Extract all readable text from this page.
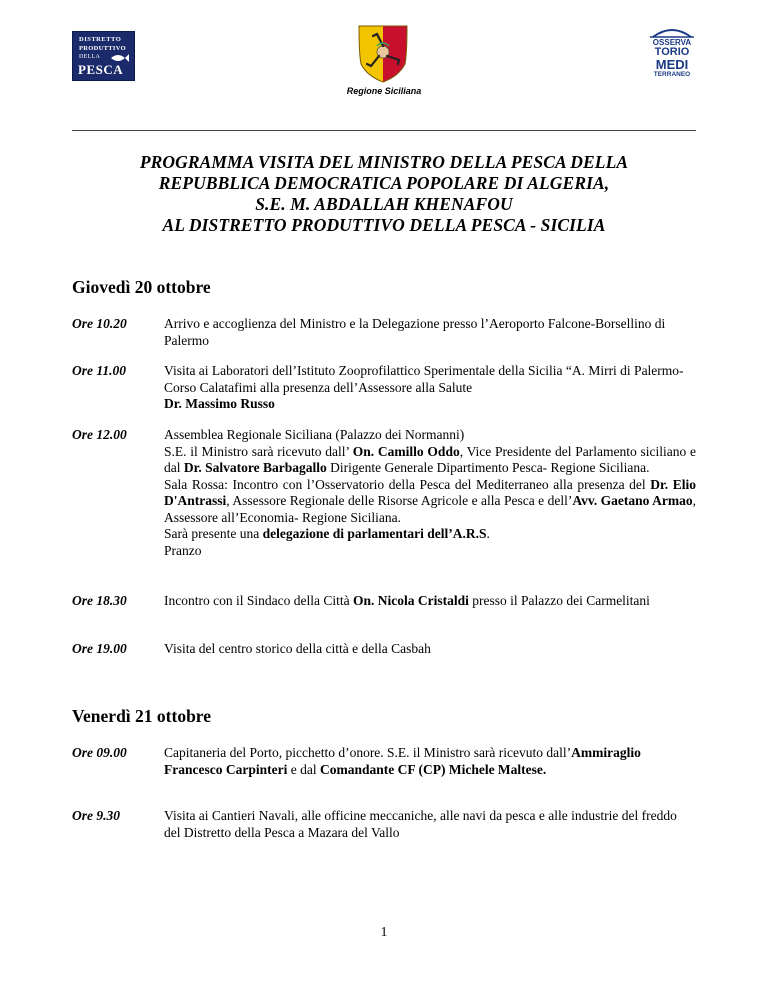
DISTRETTO
PRODUTTIVO
DELLA
PESCA
Regione Siciliana
OSSERVA
TORIO
MEDI
TERRANEO
PROGRAMMA VISITA DEL MINISTRO DELLA PESCA DELLA
REPUBBLICA DEMOCRATICA POPOLARE DI ALGERIA,
S.E. M. ABDALLAH KHENAFOU
AL DISTRETTO PRODUTTIVO DELLA PESCA - SICILIA
Giovedì 20 ottobre
Ore 10.20	Arrivo e accoglienza del Ministro e la Delegazione presso l’Aeroporto Falcone-Borsellino di Palermo
Ore 11.00	Visita ai Laboratori dell’Istituto Zooprofilattico Sperimentale della Sicilia “A. Mirri di Palermo- Corso Calatafimi alla presenza dell’Assessore alla Salute
Dr. Massimo Russo
Ore 12.00	Assemblea Regionale Siciliana (Palazzo dei Normanni)
S.E. il Ministro sarà ricevuto dall’ On. Camillo Oddo, Vice Presidente del Parlamento siciliano e dal Dr. Salvatore Barbagallo Dirigente Generale Dipartimento Pesca- Regione Siciliana.
Sala Rossa: Incontro con l’Osservatorio della Pesca del Mediterraneo alla presenza del Dr. Elio D'Antrassi, Assessore Regionale delle Risorse Agricole e alla Pesca e dell’Avv. Gaetano Armao, Assessore all’Economia- Regione Siciliana.
Sarà presente una delegazione di parlamentari dell’A.R.S.
Pranzo
Ore 18.30	Incontro con il Sindaco della Città On. Nicola Cristaldi presso il Palazzo dei Carmelitani
Ore 19.00	Visita del centro storico della città e della Casbah
Venerdì 21 ottobre
Ore 09.00	Capitaneria del Porto, picchetto d’onore. S.E. il Ministro sarà ricevuto dall’Ammiraglio Francesco Carpinteri e dal Comandante CF (CP) Michele Maltese.
Ore 9.30	Visita ai Cantieri Navali, alle officine meccaniche, alle navi da pesca e alle industrie del freddo del Distretto della Pesca a Mazara del Vallo
1
